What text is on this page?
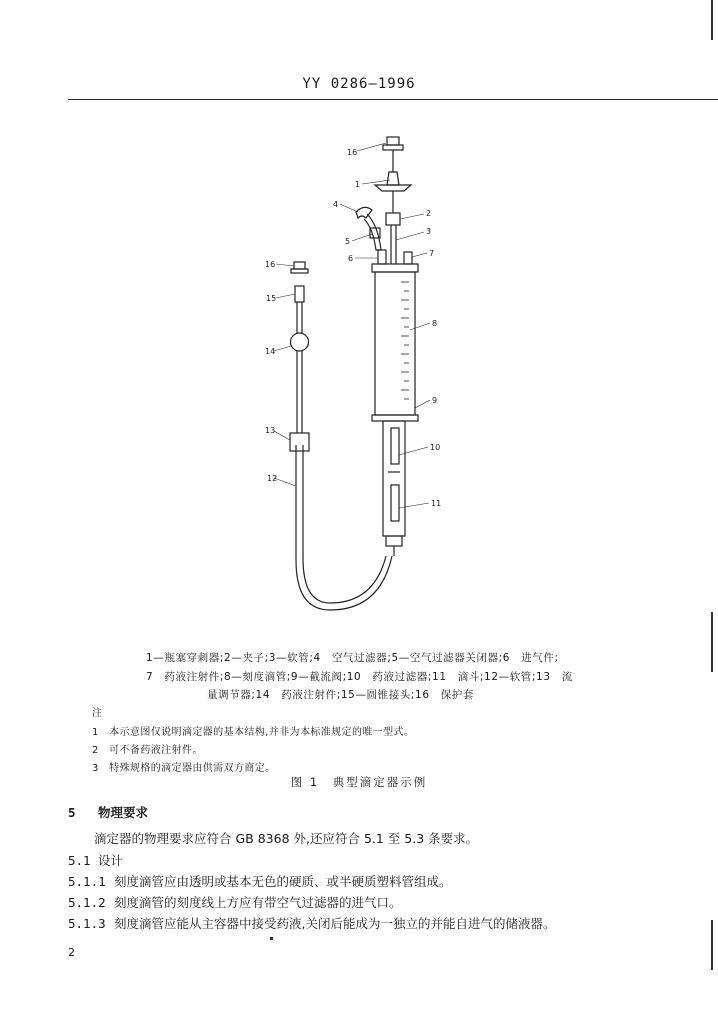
YY 0286—1996
16
1
4
2
3
5
6
7
8
9
10
11
16
15
14
13
12
1—瓶塞穿刺器;2—夹子;3—软管;4　空气过滤器;5—空气过滤器关闭器;6　进气件;
7　药液注射件;8—刻度滴管;9—截流阀;10　药液过滤器;11　滴斗;12—软管;13　流
量调节器;14　药液注射件;15—圆锥接头;16　保护套
注
1　本示意图仅说明滴定器的基本结构,并非为本标准规定的唯一型式。
2　可不备药液注射件。
3　特殊规格的滴定器由供需双方商定。
图 1　典型滴定器示例
5 物理要求
滴定器的物理要求应符合 GB 8368 外,还应符合 5.1 至 5.3 条要求。
5.1 设计
5.1.1 刻度滴管应由透明或基本无色的硬质、或半硬质塑料管组成。
5.1.2 刻度滴管的刻度线上方应有带空气过滤器的进气口。
5.1.3 刻度滴管应能从主容器中接受药液,关闭后能成为一独立的并能自进气的储液器。
2
